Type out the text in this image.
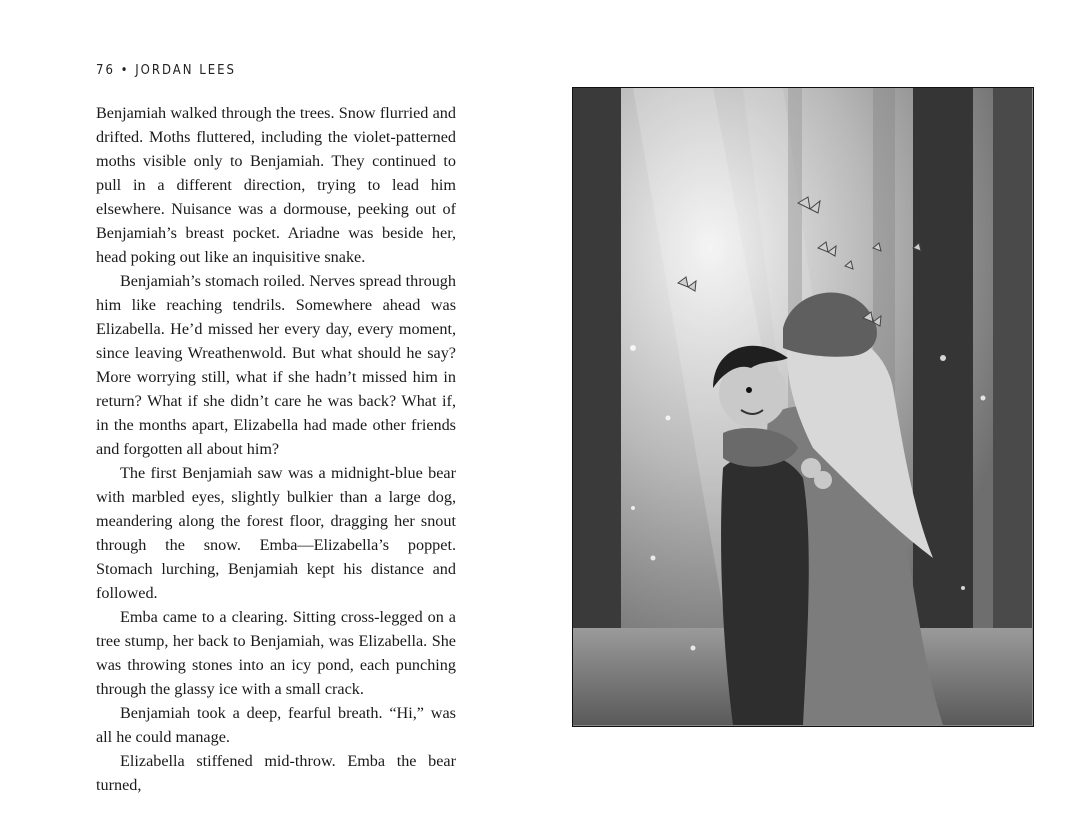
76 • JORDAN LEES

Benjamiah walked through the trees. Snow flurried and drifted. Moths fluttered, including the violet-patterned moths visible only to Benjamiah. They continued to pull in a different direction, trying to lead him elsewhere. Nuisance was a dormouse, peeking out of Benjamiah’s breast pocket. Ariadne was beside her, head poking out like an inquisitive snake.

Benjamiah’s stomach roiled. Nerves spread through him like reaching tendrils. Somewhere ahead was Elizabella. He’d missed her every day, every moment, since leaving Wreathenwold. But what should he say? More worrying still, what if she hadn’t missed him in return? What if she didn’t care he was back? What if, in the months apart, Elizabella had made other friends and forgotten all about him?

The first Benjamiah saw was a midnight-blue bear with marbled eyes, slightly bulkier than a large dog, meandering along the forest floor, dragging her snout through the snow. Emba—Elizabella’s poppet. Stomach lurching, Benjamiah kept his distance and followed.

Emba came to a clearing. Sitting cross-legged on a tree stump, her back to Benjamiah, was Elizabella. She was throwing stones into an icy pond, each punching through the glassy ice with a small crack.

Benjamiah took a deep, fearful breath. “Hi,” was all he could manage.

Elizabella stiffened mid-throw. Emba the bear turned,
